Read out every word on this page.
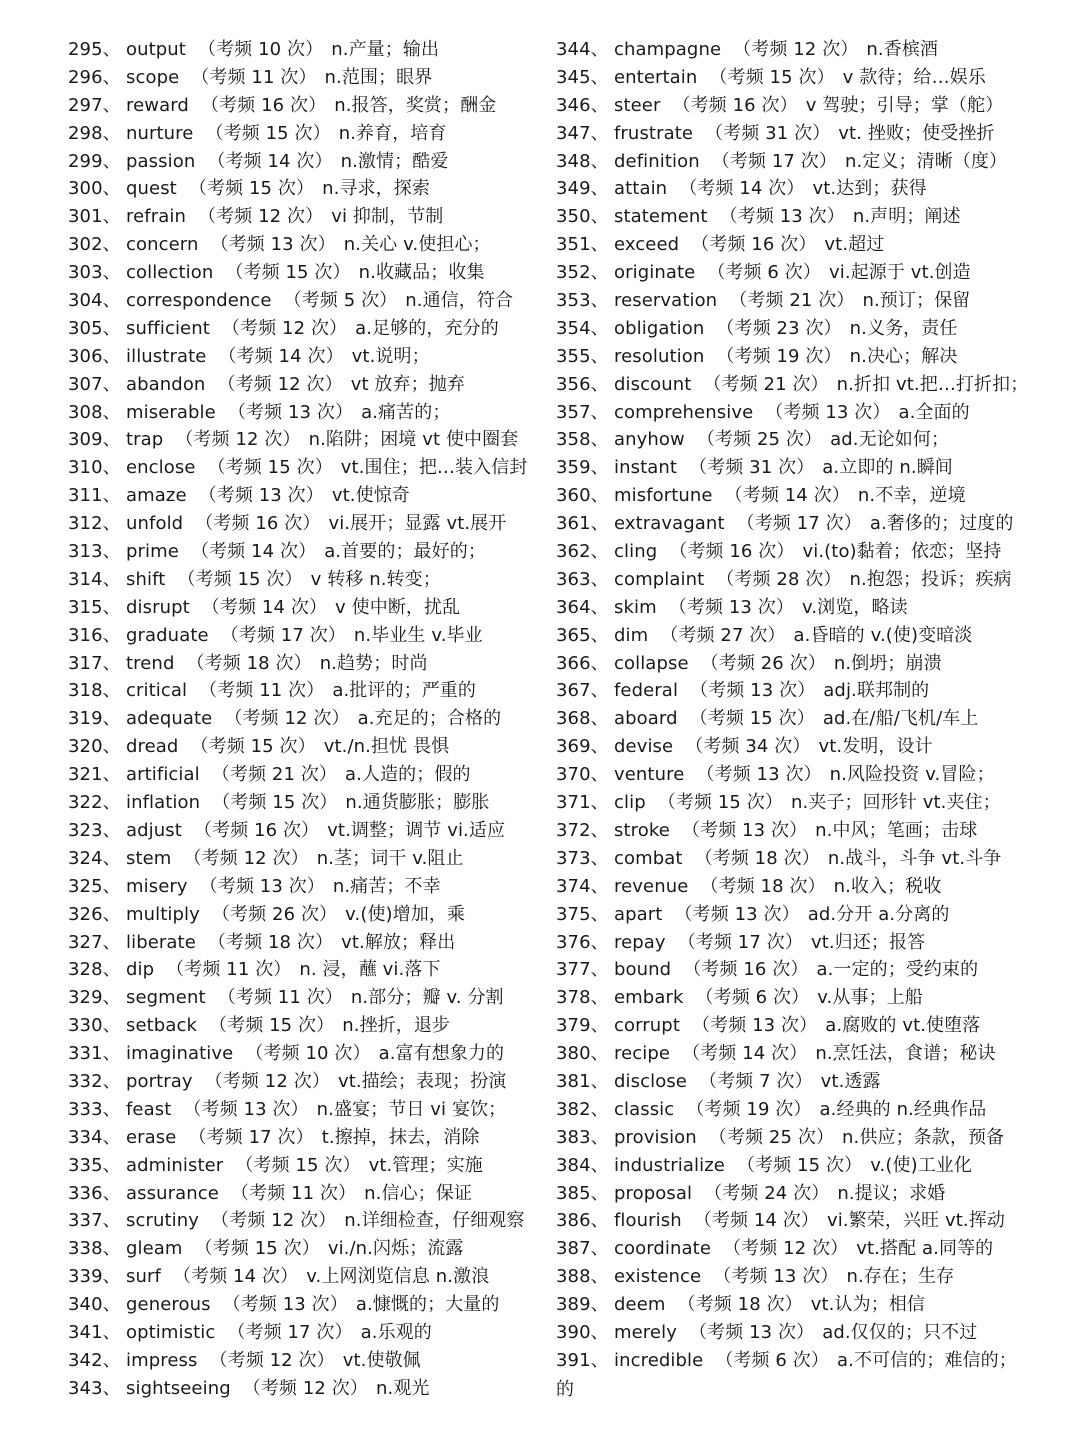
295、 output （考频 10 次） n.产量；输出
296、 scope （考频 11 次） n.范围；眼界
297、 reward （考频 16 次） n.报答，奖赏；酬金
298、 nurture （考频 15 次） n.养育，培育
299、 passion （考频 14 次） n.激情；酷爱
300、 quest （考频 15 次） n.寻求，探索
301、 refrain （考频 12 次） vi 抑制，节制
302、 concern （考频 13 次） n.关心 v.使担心；
303、 collection （考频 15 次） n.收藏品；收集
304、 correspondence （考频 5 次） n.通信，符合
305、 sufficient （考频 12 次） a.足够的，充分的
306、 illustrate （考频 14 次） vt.说明；
307、 abandon （考频 12 次） vt 放弃；抛弃
308、 miserable （考频 13 次） a.痛苦的；
309、 trap （考频 12 次） n.陷阱；困境 vt 使中圈套
310、 enclose （考频 15 次） vt.围住；把…装入信封
311、 amaze （考频 13 次） vt.使惊奇
312、 unfold （考频 16 次） vi.展开；显露 vt.展开
313、 prime （考频 14 次） a.首要的；最好的；
314、 shift （考频 15 次） v 转移 n.转变；
315、 disrupt （考频 14 次） v 使中断，扰乱
316、 graduate （考频 17 次） n.毕业生 v.毕业
317、 trend （考频 18 次） n.趋势；时尚
318、 critical （考频 11 次） a.批评的；严重的
319、 adequate （考频 12 次） a.充足的；合格的
320、 dread （考频 15 次） vt./n.担忧 畏惧
321、 artificial （考频 21 次） a.人造的；假的
322、 inflation （考频 15 次） n.通货膨胀；膨胀
323、 adjust （考频 16 次） vt.调整；调节 vi.适应
324、 stem （考频 12 次） n.茎；词干 v.阻止
325、 misery （考频 13 次） n.痛苦；不幸
326、 multiply （考频 26 次） v.(使)增加，乘
327、 liberate （考频 18 次） vt.解放；释出
328、 dip （考频 11 次） n. 浸，蘸 vi.落下
329、 segment （考频 11 次） n.部分；瓣 v. 分割
330、 setback （考频 15 次） n.挫折，退步
331、 imaginative （考频 10 次） a.富有想象力的
332、 portray （考频 12 次） vt.描绘；表现；扮演
333、 feast （考频 13 次） n.盛宴；节日 vi 宴饮；
334、 erase （考频 17 次） t.擦掉，抹去，消除
335、 administer （考频 15 次） vt.管理；实施
336、 assurance （考频 11 次） n.信心；保证
337、 scrutiny （考频 12 次） n.详细检查，仔细观察
338、 gleam （考频 15 次） vi./n.闪烁；流露
339、 surf （考频 14 次） v.上网浏览信息 n.激浪
340、 generous （考频 13 次） a.慷慨的；大量的
341、 optimistic （考频 17 次） a.乐观的
342、 impress （考频 12 次） vt.使敬佩
343、 sightseeing （考频 12 次） n.观光
344、 champagne （考频 12 次） n.香槟酒
345、 entertain （考频 15 次） v 款待；给…娱乐
346、 steer （考频 16 次） v 驾驶；引导；掌（舵）
347、 frustrate （考频 31 次） vt. 挫败；使受挫折
348、 definition （考频 17 次） n.定义；清晰（度）
349、 attain （考频 14 次） vt.达到；获得
350、 statement （考频 13 次） n.声明；阐述
351、 exceed （考频 16 次） vt.超过
352、 originate （考频 6 次） vi.起源于 vt.创造
353、 reservation （考频 21 次） n.预订；保留
354、 obligation （考频 23 次） n.义务，责任
355、 resolution （考频 19 次） n.决心；解决
356、 discount （考频 21 次） n.折扣 vt.把…打折扣；
357、 comprehensive （考频 13 次） a.全面的
358、 anyhow （考频 25 次） ad.无论如何；
359、 instant （考频 31 次） a.立即的 n.瞬间
360、 misfortune （考频 14 次） n.不幸，逆境
361、 extravagant （考频 17 次） a.奢侈的；过度的
362、 cling （考频 16 次） vi.(to)黏着；依恋；坚持
363、 complaint （考频 28 次） n.抱怨；投诉；疾病
364、 skim （考频 13 次） v.浏览，略读
365、 dim （考频 27 次） a.昏暗的 v.(使)变暗淡
366、 collapse （考频 26 次） n.倒坍；崩溃
367、 federal （考频 13 次） adj.联邦制的
368、 aboard （考频 15 次） ad.在/船/飞机/车上
369、 devise （考频 34 次） vt.发明，设计
370、 venture （考频 13 次） n.风险投资 v.冒险；
371、 clip （考频 15 次） n.夹子；回形针 vt.夹住；
372、 stroke （考频 13 次） n.中风；笔画；击球
373、 combat （考频 18 次） n.战斗，斗争 vt.斗争
374、 revenue （考频 18 次） n.收入；税收
375、 apart （考频 13 次） ad.分开 a.分离的
376、 repay （考频 17 次） vt.归还；报答
377、 bound （考频 16 次） a.一定的；受约束的
378、 embark （考频 6 次） v.从事；上船
379、 corrupt （考频 13 次） a.腐败的 vt.使堕落
380、 recipe （考频 14 次） n.烹饪法，食谱；秘诀
381、 disclose （考频 7 次） vt.透露
382、 classic （考频 19 次） a.经典的 n.经典作品
383、 provision （考频 25 次） n.供应；条款，预备
384、 industrialize （考频 15 次） v.(使)工业化
385、 proposal （考频 24 次） n.提议；求婚
386、 flourish （考频 14 次） vi.繁荣，兴旺 vt.挥动
387、 coordinate （考频 12 次） vt.搭配 a.同等的
388、 existence （考频 13 次） n.存在；生存
389、 deem （考频 18 次） vt.认为；相信
390、 merely （考频 13 次） ad.仅仅的；只不过
391、 incredible （考频 6 次） a.不可信的；难信的；
的
